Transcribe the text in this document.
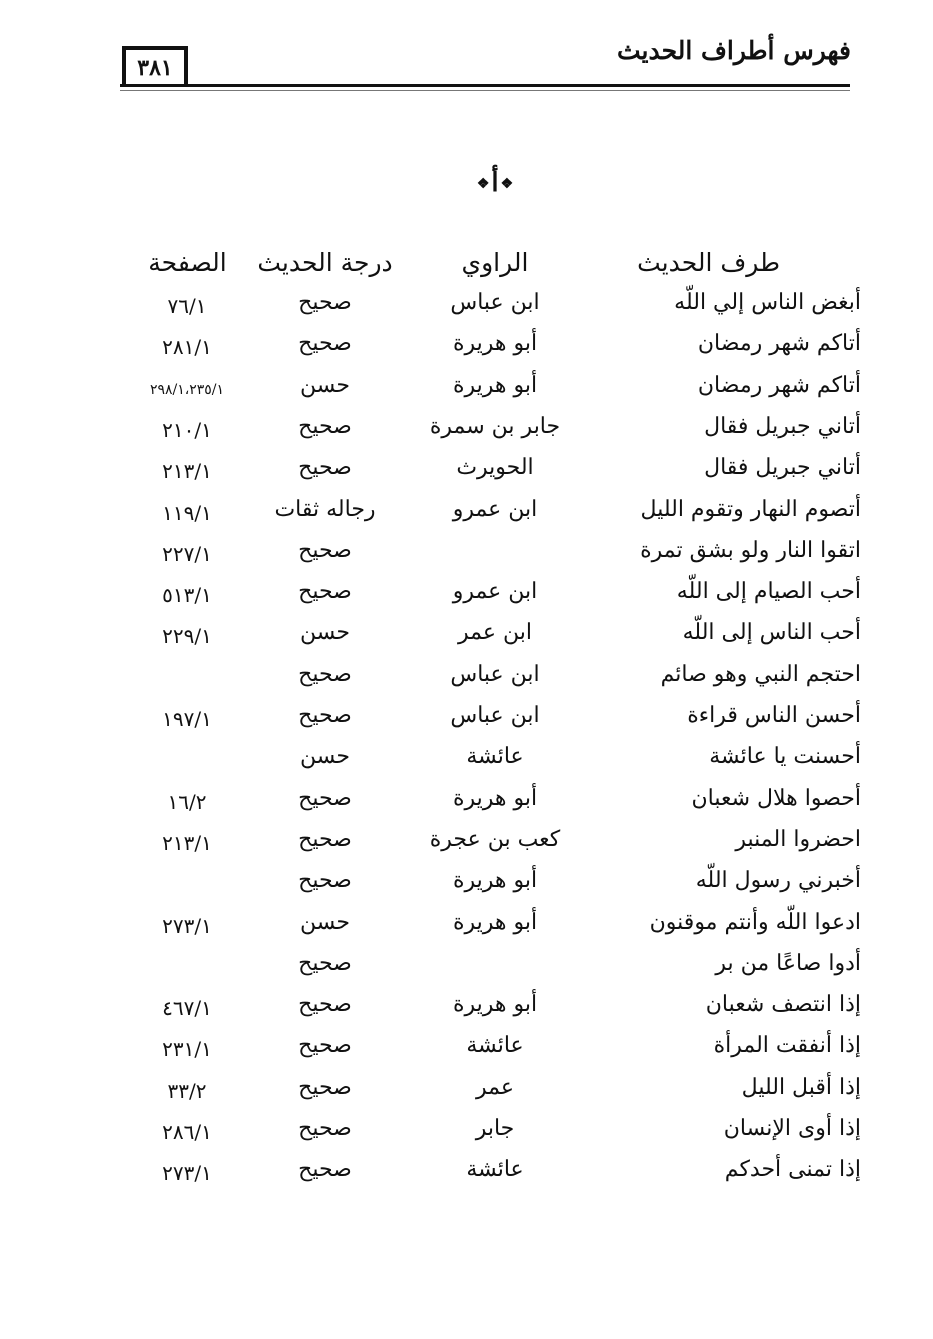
فهرس أطراف الحديث
٣٨١
❖أ❖
طرف الحديث
الراوي
درجة الحديث
الصفحة
أبغض الناس إلي اللّه
ابن عباس
صحيح
٧٦/١
أتاكم شهر رمضان
أبو هريرة
صحيح
٢٨١/١
أتاكم شهر رمضان
أبو هريرة
حسن
٢٩٨/١،٢٣٥/١
أتاني جبريل فقال
جابر بن سمرة
صحيح
٢١٠/١
أتاني جبريل فقال
الحويرث
صحيح
٢١٣/١
أتصوم النهار وتقوم الليل
ابن عمرو
رجاله ثقات
١١٩/١
اتقوا النار ولو بشق تمرة
صحيح
٢٢٧/١
أحب الصيام إلى اللّه
ابن عمرو
صحيح
٥١٣/١
أحب الناس إلى اللّه
ابن عمر
حسن
٢٢٩/١
احتجم النبي وهو صائم
ابن عباس
صحيح
أحسن الناس قراءة
ابن عباس
صحيح
١٩٧/١
أحسنت يا عائشة
عائشة
حسن
أحصوا هلال شعبان
أبو هريرة
صحيح
١٦/٢
احضروا المنبر
كعب بن عجرة
صحيح
٢١٣/١
أخبرني رسول اللّه
أبو هريرة
صحيح
ادعوا اللّه وأنتم موقنون
أبو هريرة
حسن
٢٧٣/١
أدوا صاعًا من بر
صحيح
إذا انتصف شعبان
أبو هريرة
صحيح
٤٦٧/١
إذا أنفقت المرأة
عائشة
صحيح
٢٣١/١
إذا أقبل الليل
عمر
صحيح
٣٣/٢
إذا أوى الإنسان
جابر
صحيح
٢٨٦/١
إذا تمنى أحدكم
عائشة
صحيح
٢٧٣/١
